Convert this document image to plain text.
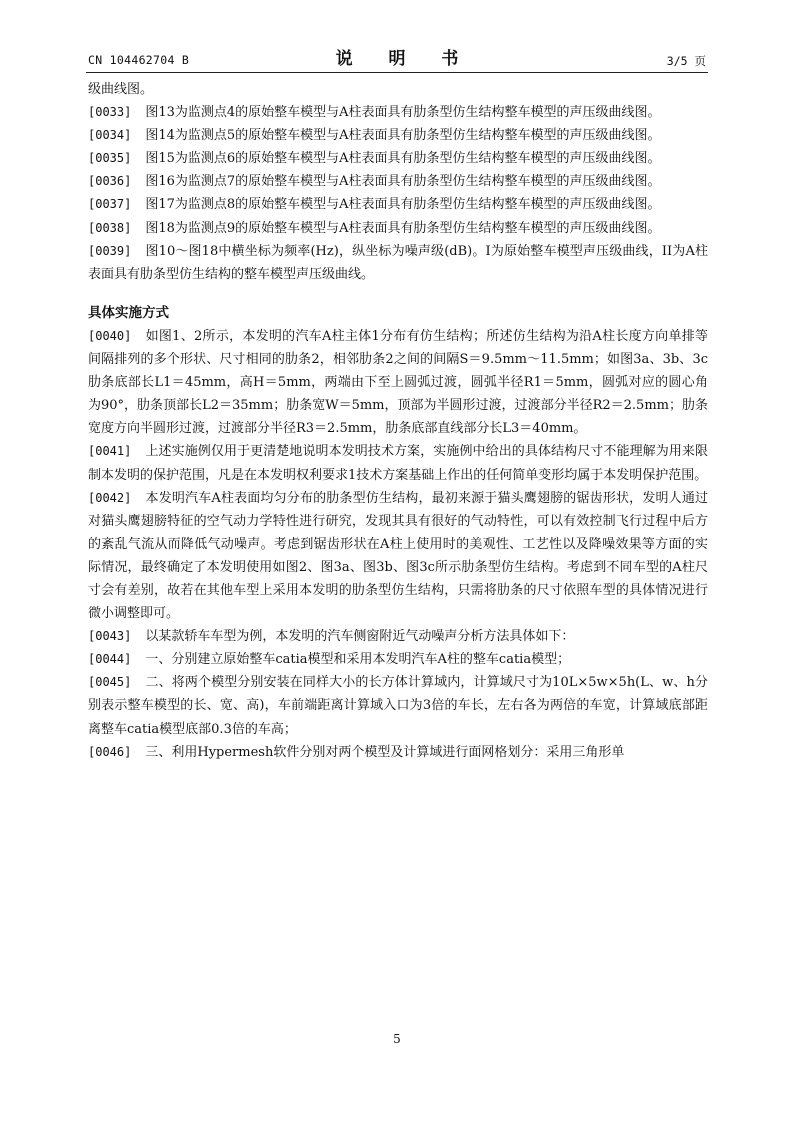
CN 104462704 B	说 明 书	3/5 页

级曲线图。

[0033] 图13为监测点4的原始整车模型与A柱表面具有肋条型仿生结构整车模型的声压级曲线图。

[0034] 图14为监测点5的原始整车模型与A柱表面具有肋条型仿生结构整车模型的声压级曲线图。

[0035] 图15为监测点6的原始整车模型与A柱表面具有肋条型仿生结构整车模型的声压级曲线图。

[0036] 图16为监测点7的原始整车模型与A柱表面具有肋条型仿生结构整车模型的声压级曲线图。

[0037] 图17为监测点8的原始整车模型与A柱表面具有肋条型仿生结构整车模型的声压级曲线图。

[0038] 图18为监测点9的原始整车模型与A柱表面具有肋条型仿生结构整车模型的声压级曲线图。

[0039] 图10～图18中横坐标为频率(Hz)，纵坐标为噪声级(dB)。I为原始整车模型声压级曲线，II为A柱表面具有肋条型仿生结构的整车模型声压级曲线。

具体实施方式

[0040] 如图1、2所示，本发明的汽车A柱主体1分布有仿生结构；所述仿生结构为沿A柱长度方向单排等间隔排列的多个形状、尺寸相同的肋条2，相邻肋条2之间的间隔S＝9.5mm～11.5mm；如图3a、3b、3c肋条底部长L1＝45mm，高H＝5mm，两端由下至上圆弧过渡，圆弧半径R1＝5mm，圆弧对应的圆心角为90°，肋条顶部长L2＝35mm；肋条宽W＝5mm，顶部为半圆形过渡，过渡部分半径R2＝2.5mm；肋条宽度方向半圆形过渡，过渡部分半径R3＝2.5mm，肋条底部直线部分长L3＝40mm。

[0041] 上述实施例仅用于更清楚地说明本发明技术方案，实施例中给出的具体结构尺寸不能理解为用来限制本发明的保护范围，凡是在本发明权利要求1技术方案基础上作出的任何简单变形均属于本发明保护范围。

[0042] 本发明汽车A柱表面均匀分布的肋条型仿生结构，最初来源于猫头鹰翅膀的锯齿形状，发明人通过对猫头鹰翅膀特征的空气动力学特性进行研究，发现其具有很好的气动特性，可以有效控制飞行过程中后方的紊乱气流从而降低气动噪声。考虑到锯齿形状在A柱上使用时的美观性、工艺性以及降噪效果等方面的实际情况，最终确定了本发明使用如图2、图3a、图3b、图3c所示肋条型仿生结构。考虑到不同车型的A柱尺寸会有差别，故若在其他车型上采用本发明的肋条型仿生结构，只需将肋条的尺寸依照车型的具体情况进行微小调整即可。

[0043] 以某款轿车车型为例，本发明的汽车侧窗附近气动噪声分析方法具体如下：

[0044] 一、分别建立原始整车catia模型和采用本发明汽车A柱的整车catia模型；

[0045] 二、将两个模型分别安装在同样大小的长方体计算域内，计算域尺寸为10L×5w×5h(L、w、h分别表示整车模型的长、宽、高)，车前端距离计算域入口为3倍的车长，左右各为两倍的车宽，计算域底部距离整车catia模型底部0.3倍的车高；

[0046] 三、利用Hypermesh软件分别对两个模型及计算域进行面网格划分：采用三角形单

5
